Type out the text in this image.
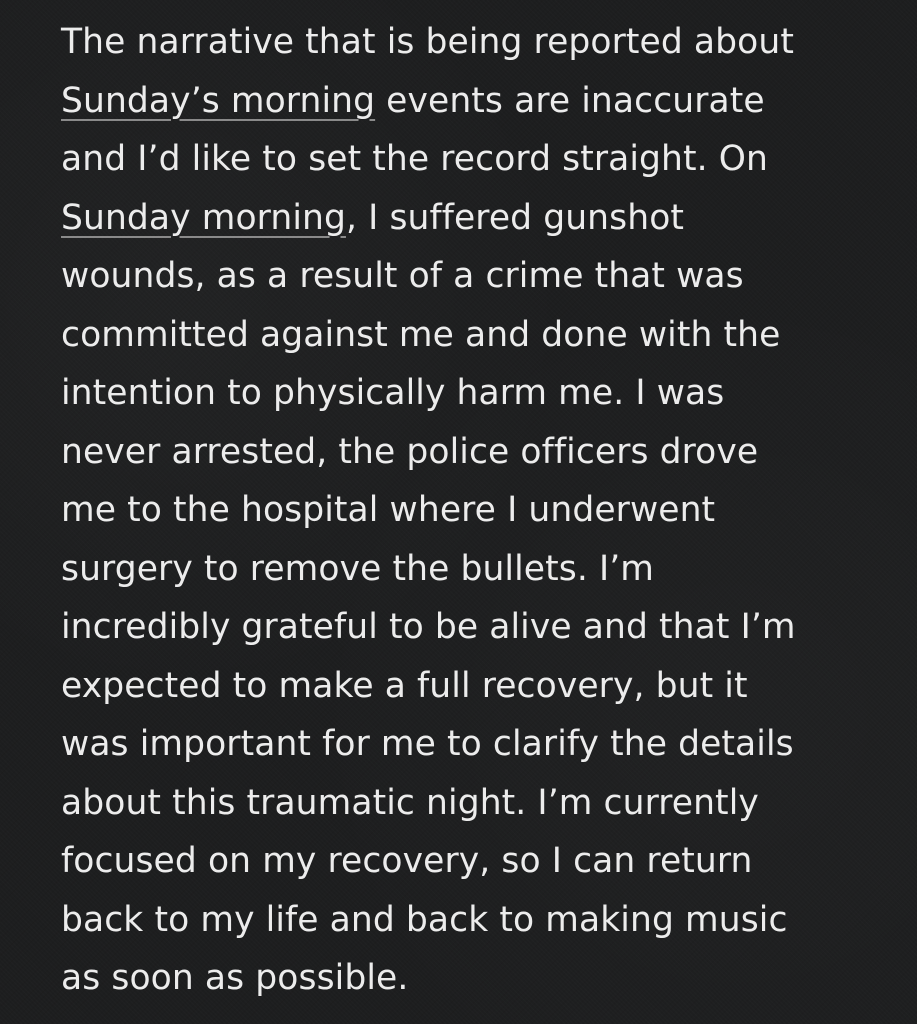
The narrative that is being reported about
Sunday’s morning events are inaccurate
and I’d like to set the record straight. On
Sunday morning, I suffered gunshot
wounds, as a result of a crime that was
committed against me and done with the
intention to physically harm me. I was
never arrested, the police officers drove
me to the hospital where I underwent
surgery to remove the bullets. I’m
incredibly grateful to be alive and that I’m
expected to make a full recovery, but it
was important for me to clarify the details
about this traumatic night. I’m currently
focused on my recovery, so I can return
back to my life and back to making music
as soon as possible.
